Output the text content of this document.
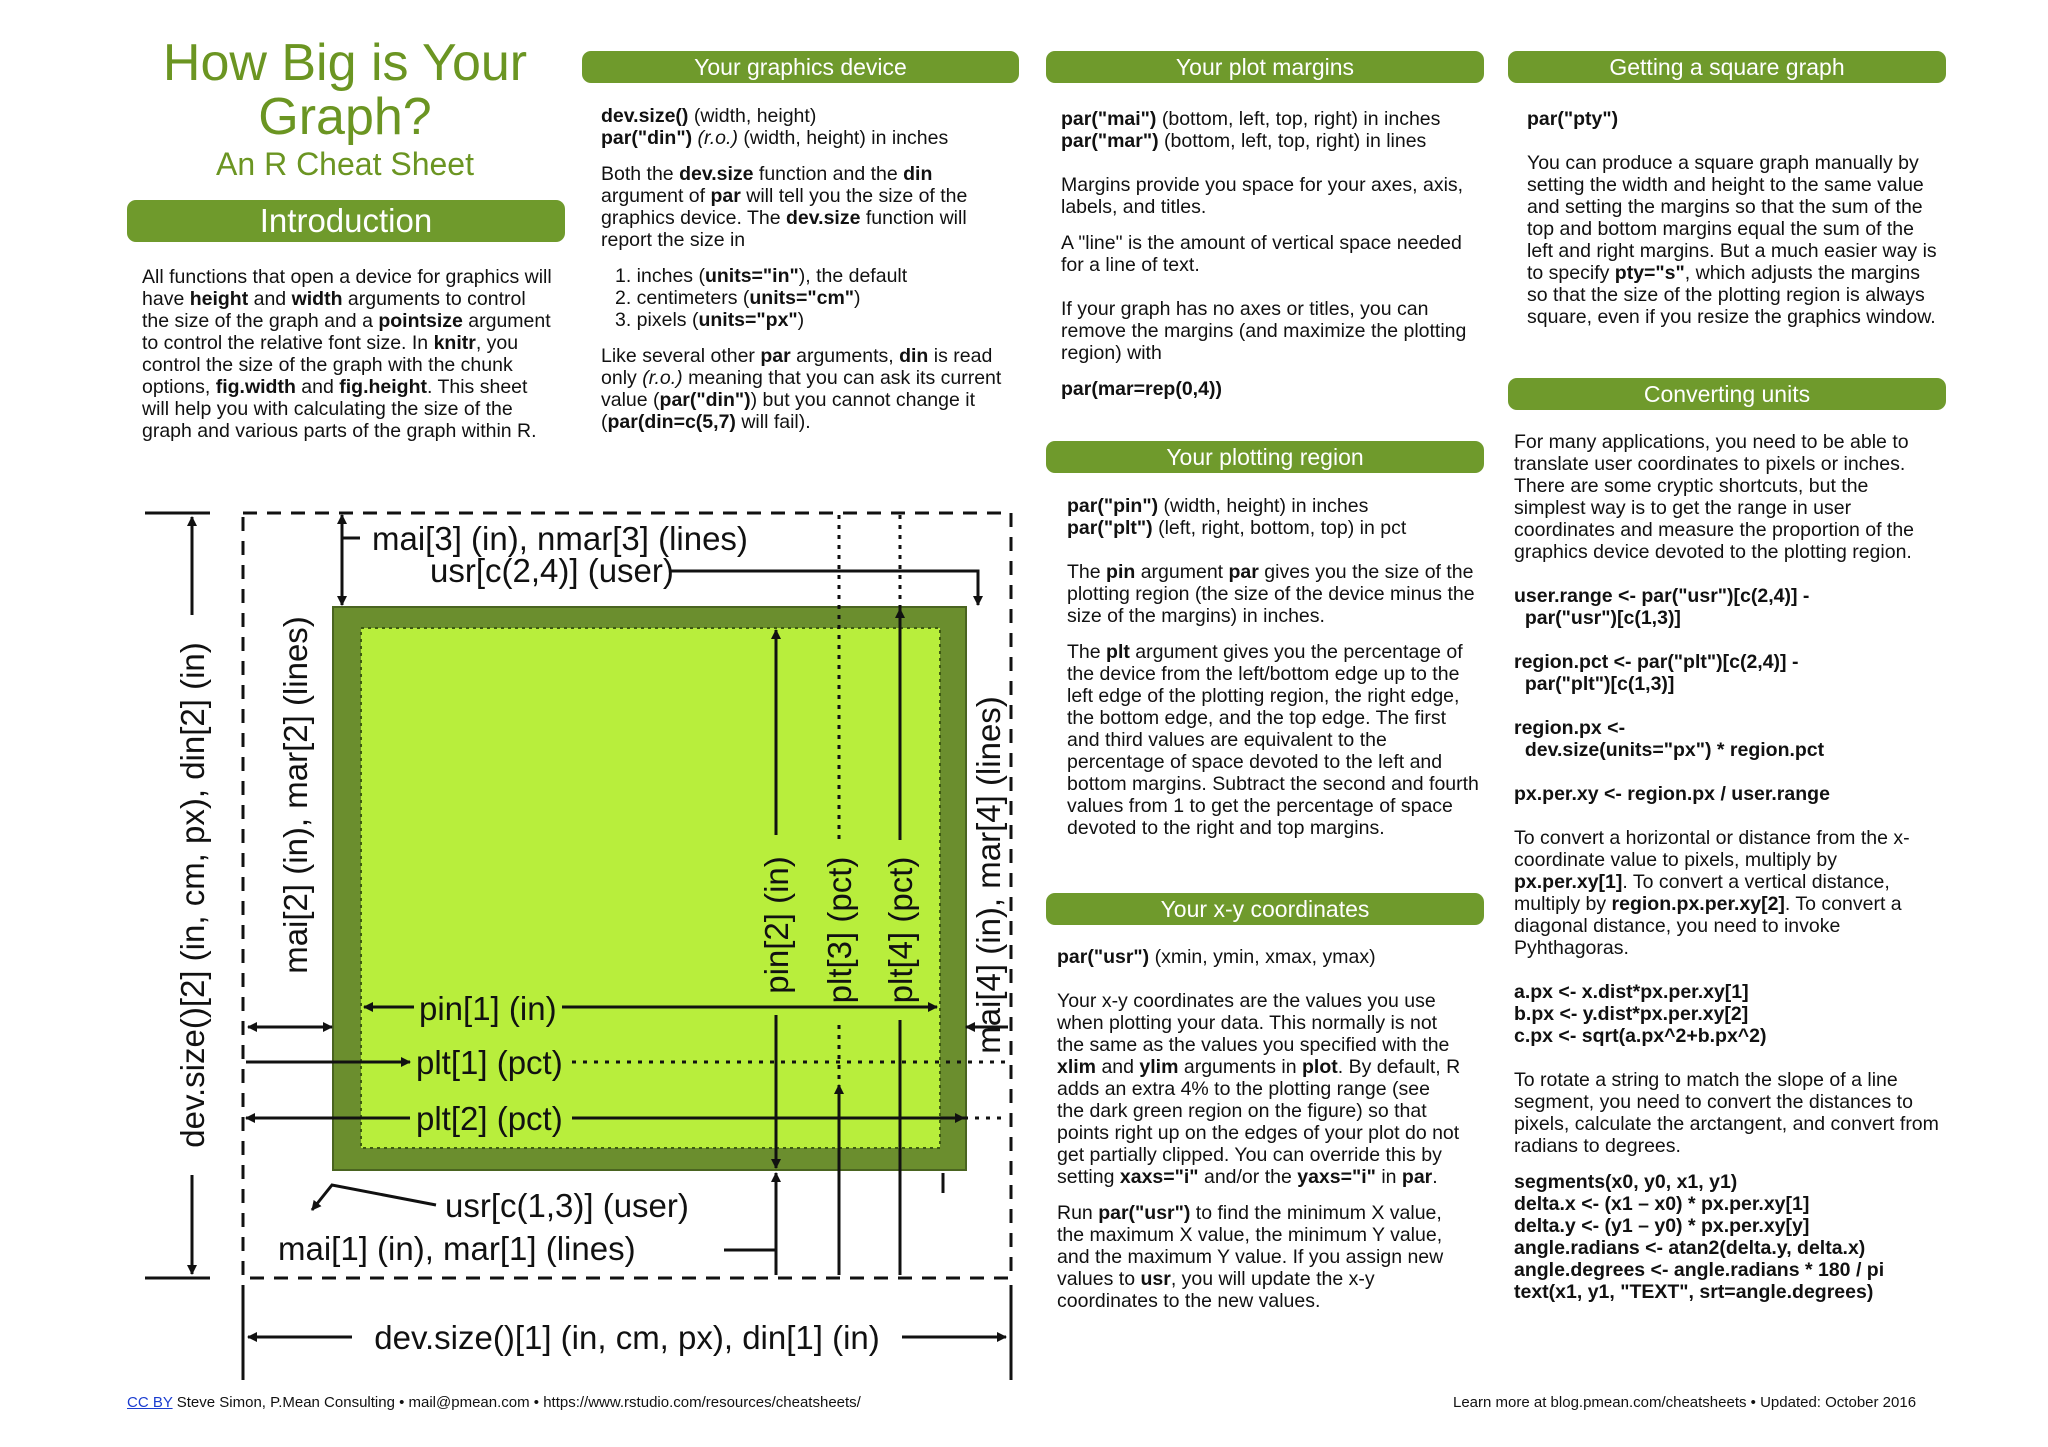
How Big is Your
Graph?
An R Cheat Sheet
Introduction
All functions that open a device for graphics will have height and width arguments to control the size of the graph and a pointsize argument to control the relative font size. In knitr, you control the size of the graph with the chunk options, fig.width and fig.height. This sheet will help you with calculating the size of the graph and various parts of the graph within R.
Your graphics device

dev.size() (width, height)

par("din") (r.o.) (width, height) in inches

Both the dev.size function and the din argument of par will tell you the size of the graphics device. The dev.size function will report the size in

1. inches (units="in"), the default
2. centimeters (units="cm")
3. pixels (units="px")

Like several other par arguments, din is read only (r.o.) meaning that you can ask its current value (par("din")) but you cannot change it (par(din=c(5,7) will fail).

Your plot margins

par("mai") (bottom, left, top, right) in inches

par("mar") (bottom, left, top, right) in lines

Margins provide you space for your axes, axis, labels, and titles.

A "line" is the amount of vertical space needed for a line of text.

If your graph has no axes or titles, you can remove the margins (and maximize the plotting region) with

par(mar=rep(0,4))

Your plotting region

par("pin") (width, height) in inches

par("plt") (left, right, bottom, top) in pct

The pin argument par gives you the size of the plotting region (the size of the device minus the size of the margins) in inches.

The plt argument gives you the percentage of the device from the left/bottom edge up to the left edge of the plotting region, the right edge, the bottom edge, and the top edge. The first and third values are equivalent to the percentage of space devoted to the left and bottom margins. Subtract the second and fourth values from 1 to get the percentage of space devoted to the right and top margins.

Your x-y coordinates

par("usr") (xmin, ymin, xmax, ymax)

Your x-y coordinates are the values you use when plotting your data. This normally is not the same as the values you specified with the xlim and ylim arguments in plot. By default, R adds an extra 4% to the plotting range (see the dark green region on the figure) so that points right up on the edges of your plot do not get partially clipped. You can override this by setting xaxs="i" and/or the yaxs="i" in par.

Run par("usr") to find the minimum X value, the maximum X value, the minimum Y value, and the maximum Y value. If you assign new values to usr, you will update the x-y coordinates to the new values.

Getting a square graph

par("pty")

You can produce a square graph manually by setting the width and height to the same value and setting the margins so that the sum of the top and bottom margins equal the sum of the left and right margins. But a much easier way is to specify pty="s", which adjusts the margins so that the size of the plotting region is always square, even if you resize the graphics window.

Converting units

For many applications, you need to be able to translate user coordinates to pixels or inches. There are some cryptic shortcuts, but the simplest way is to get the range in user coordinates and measure the proportion of the graphics device devoted to the plotting region.

user.range <- par("usr")[c(2,4)] -
par("usr")[c(1,3)]
region.pct <- par("plt")[c(2,4)] -
par("plt")[c(1,3)]
region.px <-
dev.size(units="px") * region.pct
px.per.xy <- region.px / user.range

To convert a horizontal or distance from the x-coordinate value to pixels, multiply by px.per.xy[1]. To convert a vertical distance, multiply by region.px.per.xy[2]. To convert a diagonal distance, you need to invoke Pyhthagoras.

a.px <- x.dist*px.per.xy[1]
b.px <- y.dist*px.per.xy[2]
c.px <- sqrt(a.px^2+b.px^2)

To rotate a string to match the slope of a line segment, you need to convert the distances to pixels, calculate the arctangent, and convert from radians to degrees.

segments(x0, y0, x1, y1)
delta.x <- (x1 – x0) * px.per.xy[1]
delta.y <- (y1 – y0) * px.per.xy[y]
angle.radians <- atan2(delta.y, delta.x)
angle.degrees <- angle.radians * 180 / pi
text(x1, y1, "TEXT", srt=angle.degrees)
dev.size()[2] (in, cm, px), din[2] (in) mai[2] (in), mar[2] (lines)	mai[4] (in), mar[4] (lines)
mai[3] (in), nmar[3] (lines)
usr[c(2,4)] (user)
pin[2] (in) plt[3] (pct) plt[4] (pct)
pin[1] (in)
plt[1] (pct)
plt[2] (pct)
usr[c(1,3)] (user)
mai[1] (in), mar[1] (lines)
dev.size()[1] (in, cm, px), din[1] (in)
CC BY Steve Simon, P.Mean Consulting • mail@pmean.com • https://www.rstudio.com/resources/cheatsheets/	Learn more at blog.pmean.com/cheatsheets • Updated: October 2016
